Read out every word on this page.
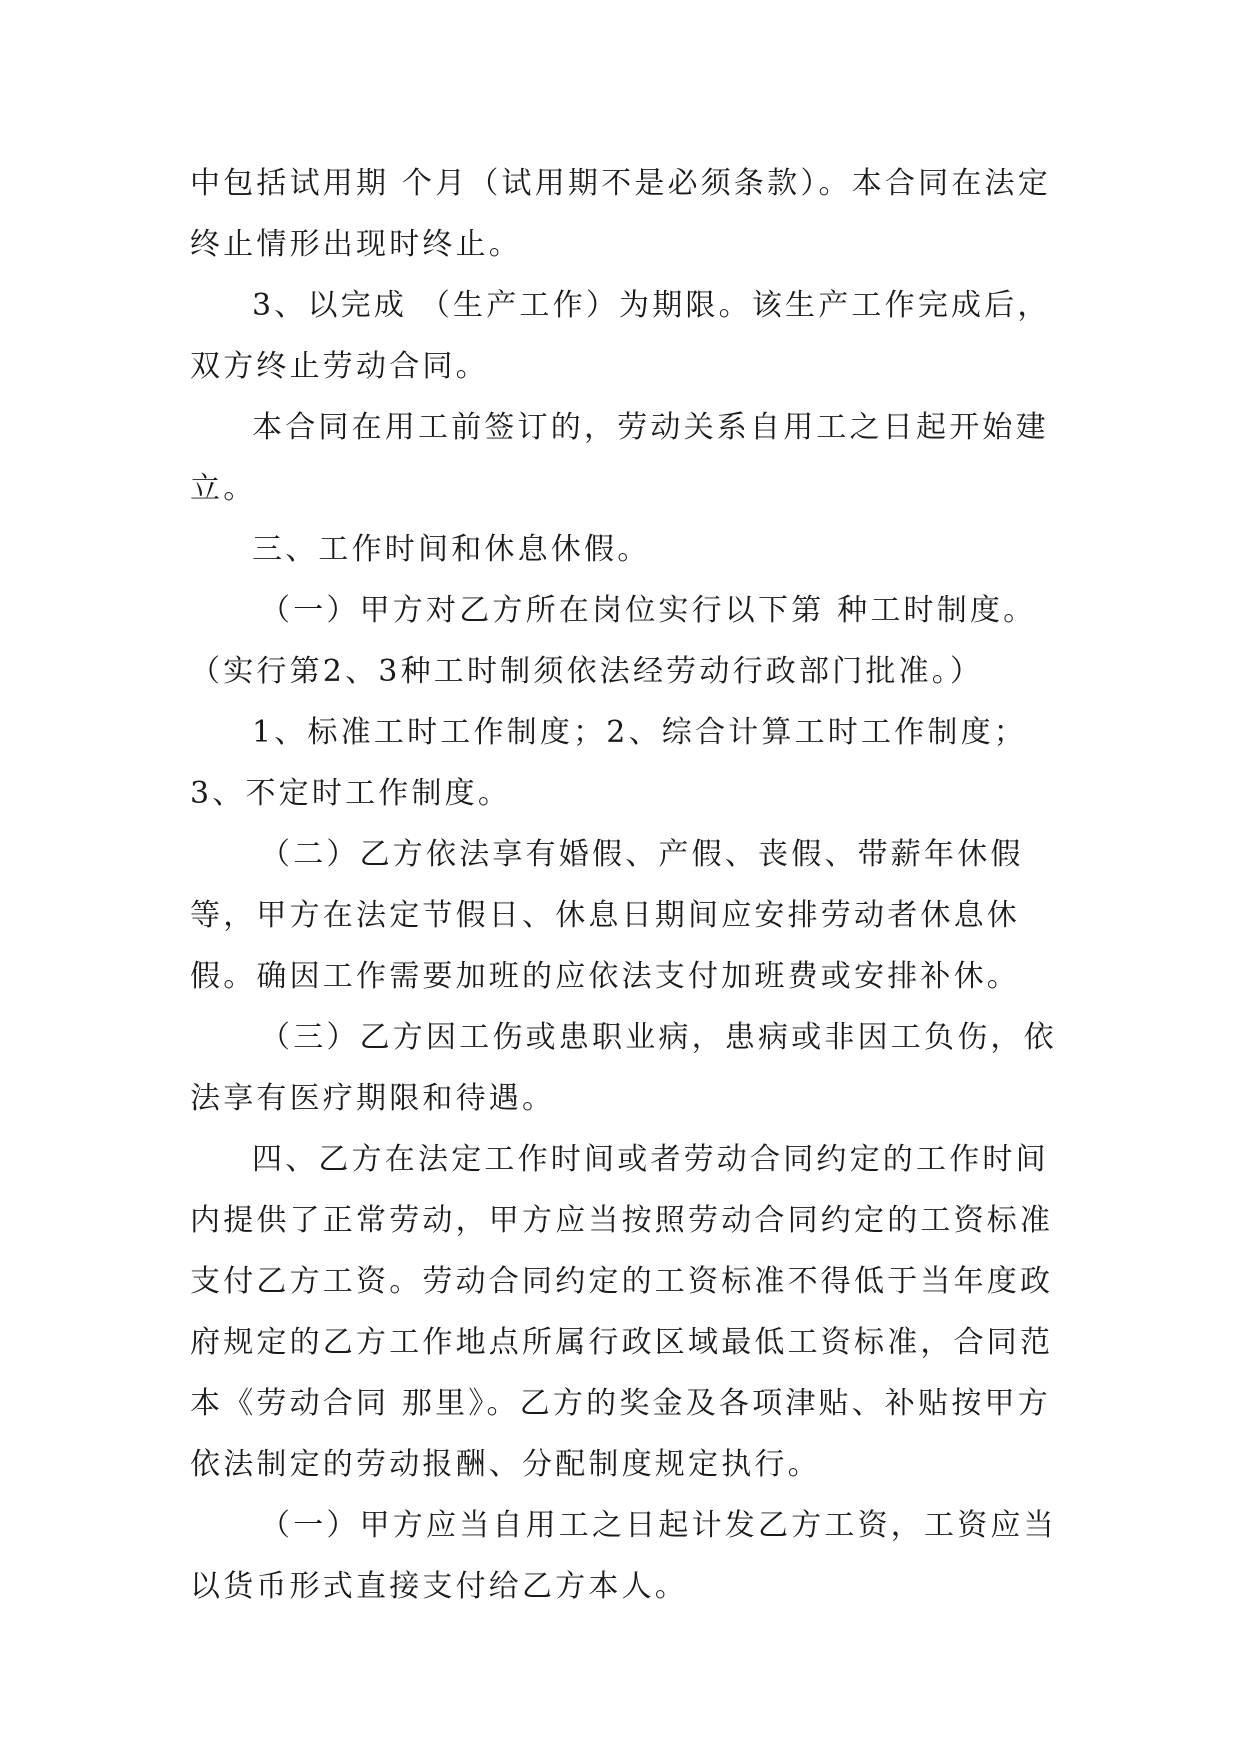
中包括试用期 个月（试用期不是必须条款）。本合同在法定终止情形出现时终止。

3、以完成 （生产工作）为期限。该生产工作完成后，双方终止劳动合同。

本合同在用工前签订的，劳动关系自用工之日起开始建立。

三、工作时间和休息休假。

（一）甲方对乙方所在岗位实行以下第 种工时制度。（实行第2、3种工时制须依法经劳动行政部门批准。）

1、标准工时工作制度；2、综合计算工时工作制度；3、不定时工作制度。

（二）乙方依法享有婚假、产假、丧假、带薪年休假等，甲方在法定节假日、休息日期间应安排劳动者休息休假。确因工作需要加班的应依法支付加班费或安排补休。

（三）乙方因工伤或患职业病，患病或非因工负伤，依法享有医疗期限和待遇。

四、乙方在法定工作时间或者劳动合同约定的工作时间内提供了正常劳动，甲方应当按照劳动合同约定的工资标准支付乙方工资。劳动合同约定的工资标准不得低于当年度政府规定的乙方工作地点所属行政区域最低工资标准，合同范本《劳动合同 那里》。乙方的奖金及各项津贴、补贴按甲方依法制定的劳动报酬、分配制度规定执行。

（一）甲方应当自用工之日起计发乙方工资，工资应当以货币形式直接支付给乙方本人。
